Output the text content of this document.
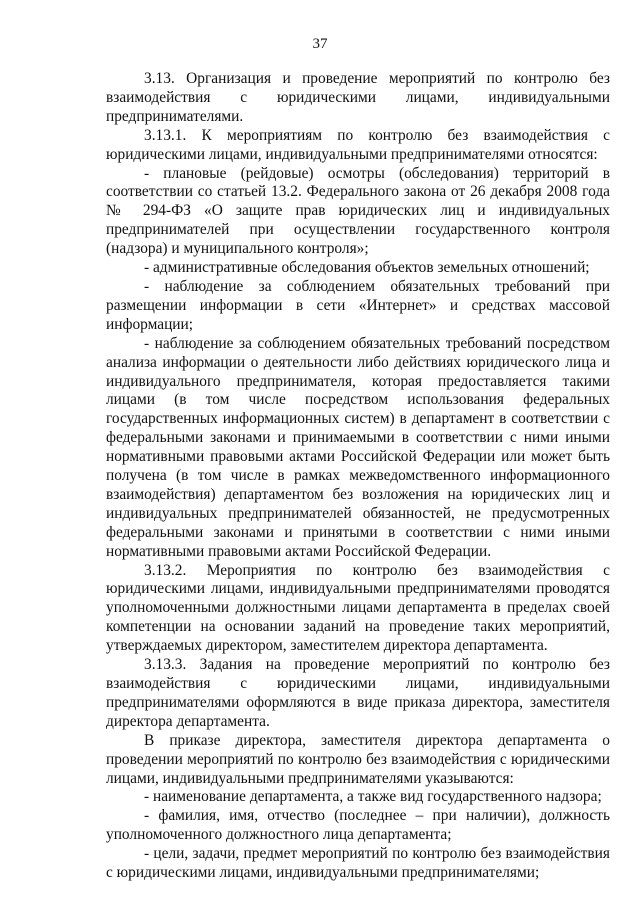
37

3.13. Организация и проведение мероприятий по контролю без взаимодействия с юридическими лицами, индивидуальными предпринимателями.

3.13.1. К мероприятиям по контролю без взаимодействия с юридическими лицами, индивидуальными предпринимателями относятся:

- плановые (рейдовые) осмотры (обследования) территорий в соответствии со статьей 13.2. Федерального закона от 26 декабря 2008 года № 294-ФЗ «О защите прав юридических лиц и индивидуальных предпринимателей при осуществлении государственного контроля (надзора) и муниципального контроля»;

- административные обследования объектов земельных отношений;

- наблюдение за соблюдением обязательных требований при размещении информации в сети «Интернет» и средствах массовой информации;

- наблюдение за соблюдением обязательных требований посредством анализа информации о деятельности либо действиях юридического лица и индивидуального предпринимателя, которая предоставляется такими лицами (в том числе посредством использования федеральных государственных информационных систем) в департамент в соответствии с федеральными законами и принимаемыми в соответствии с ними иными нормативными правовыми актами Российской Федерации или может быть получена (в том числе в рамках межведомственного информационного взаимодействия) департаментом без возложения на юридических лиц и индивидуальных предпринимателей обязанностей, не предусмотренных федеральными законами и принятыми в соответствии с ними иными нормативными правовыми актами Российской Федерации.

3.13.2. Мероприятия по контролю без взаимодействия с юридическими лицами, индивидуальными предпринимателями проводятся уполномоченными должностными лицами департамента в пределах своей компетенции на основании заданий на проведение таких мероприятий, утверждаемых директором, заместителем директора департамента.

3.13.3. Задания на проведение мероприятий по контролю без взаимодействия с юридическими лицами, индивидуальными предпринимателями оформляются в виде приказа директора, заместителя директора департамента.

В приказе директора, заместителя директора департамента о проведении мероприятий по контролю без взаимодействия с юридическими лицами, индивидуальными предпринимателями указываются:

- наименование департамента, а также вид государственного надзора;

- фамилия, имя, отчество (последнее – при наличии), должность уполномоченного должностного лица департамента;

- цели, задачи, предмет мероприятий по контролю без взаимодействия с юридическими лицами, индивидуальными предпринимателями;
